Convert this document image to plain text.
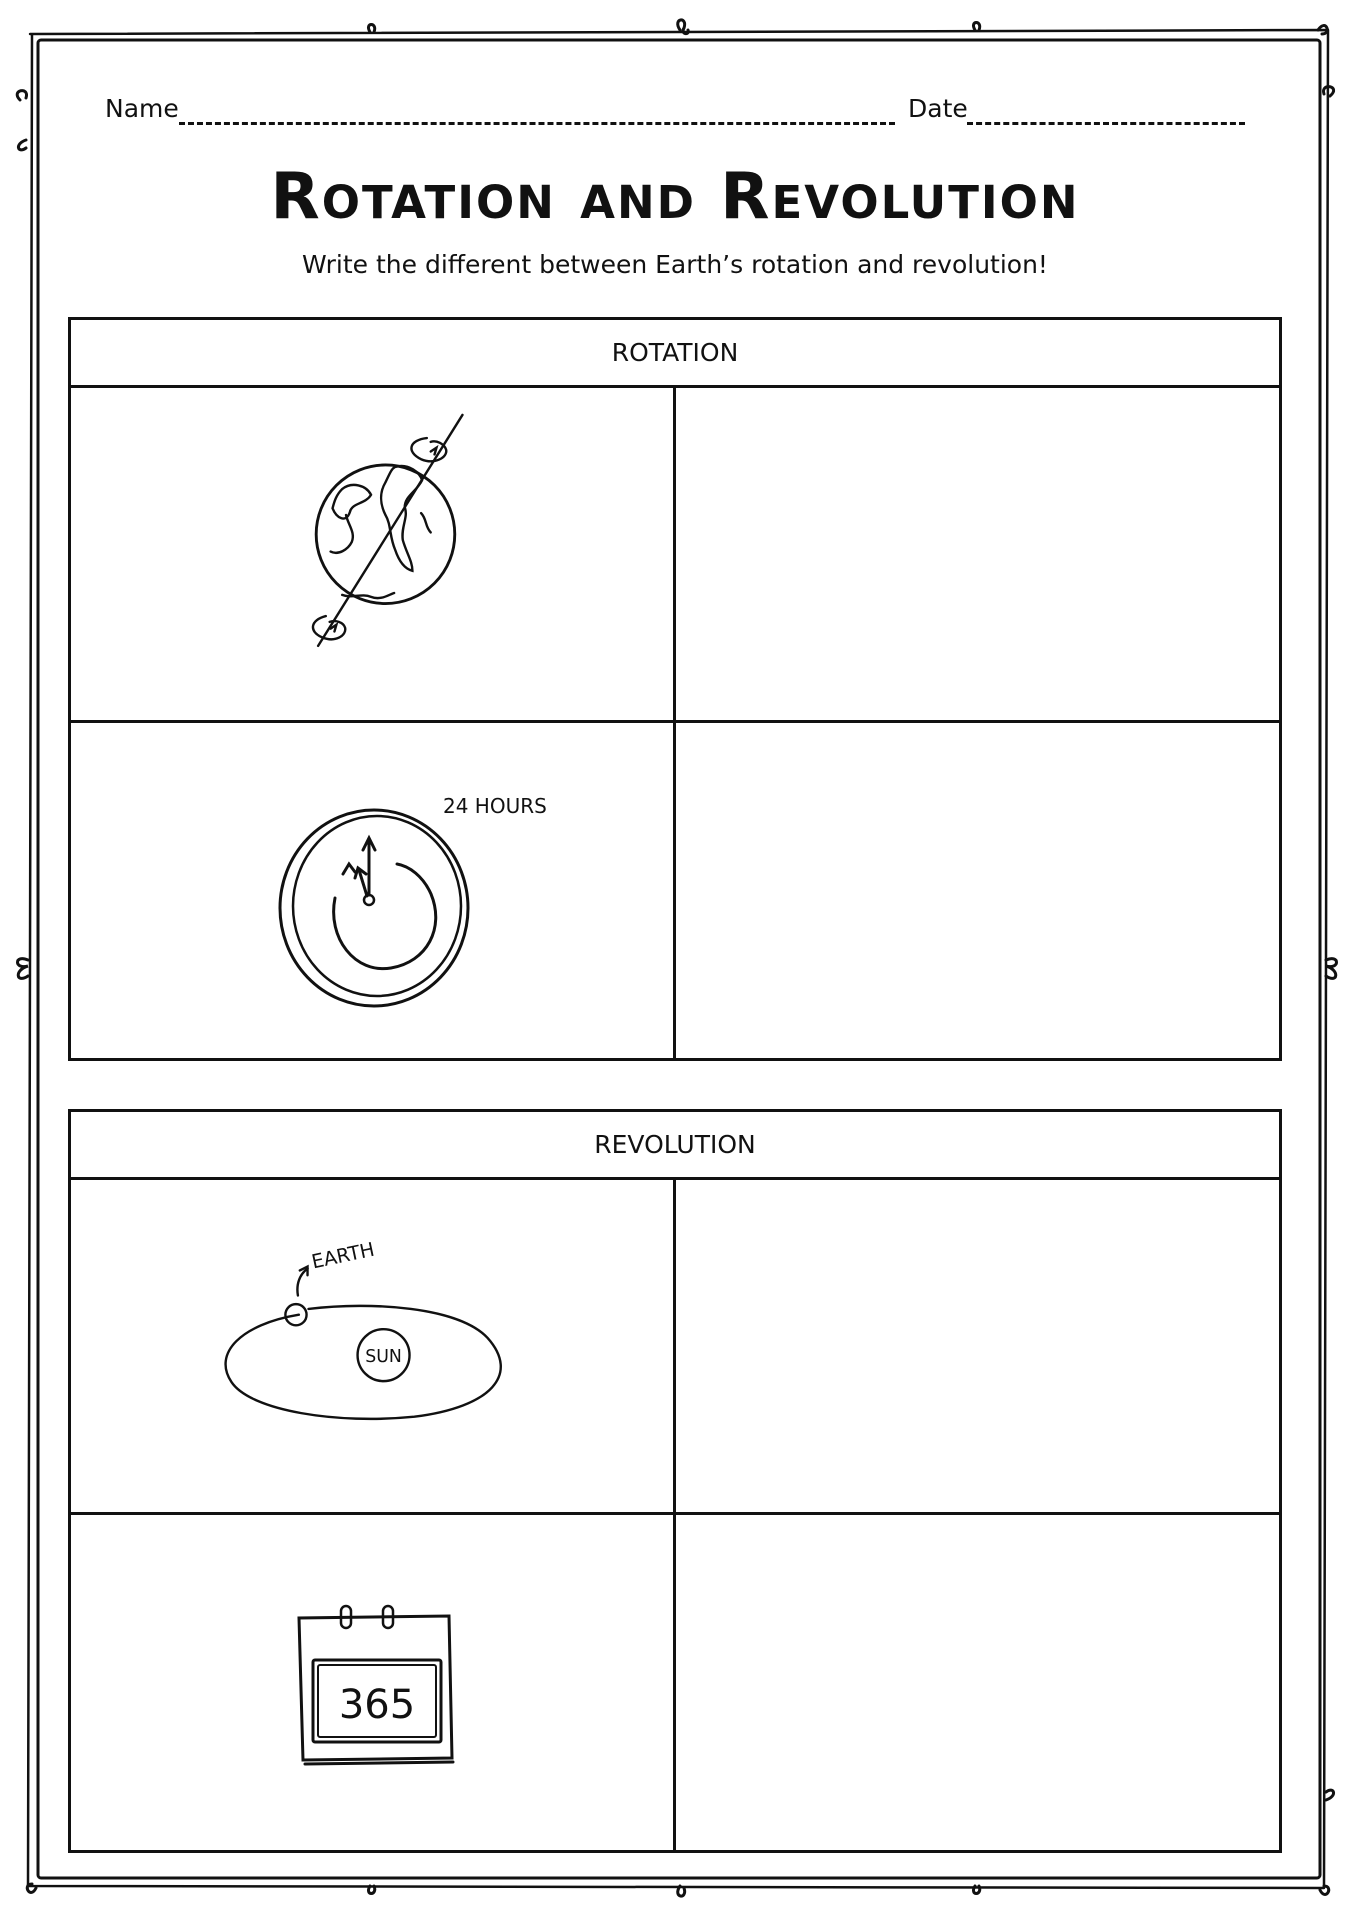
Name	Date
Rotation and Revolution
Write the different between Earth’s rotation and revolution!
ROTATION
24 HOURS
REVOLUTION
EARTH
SUN
365
